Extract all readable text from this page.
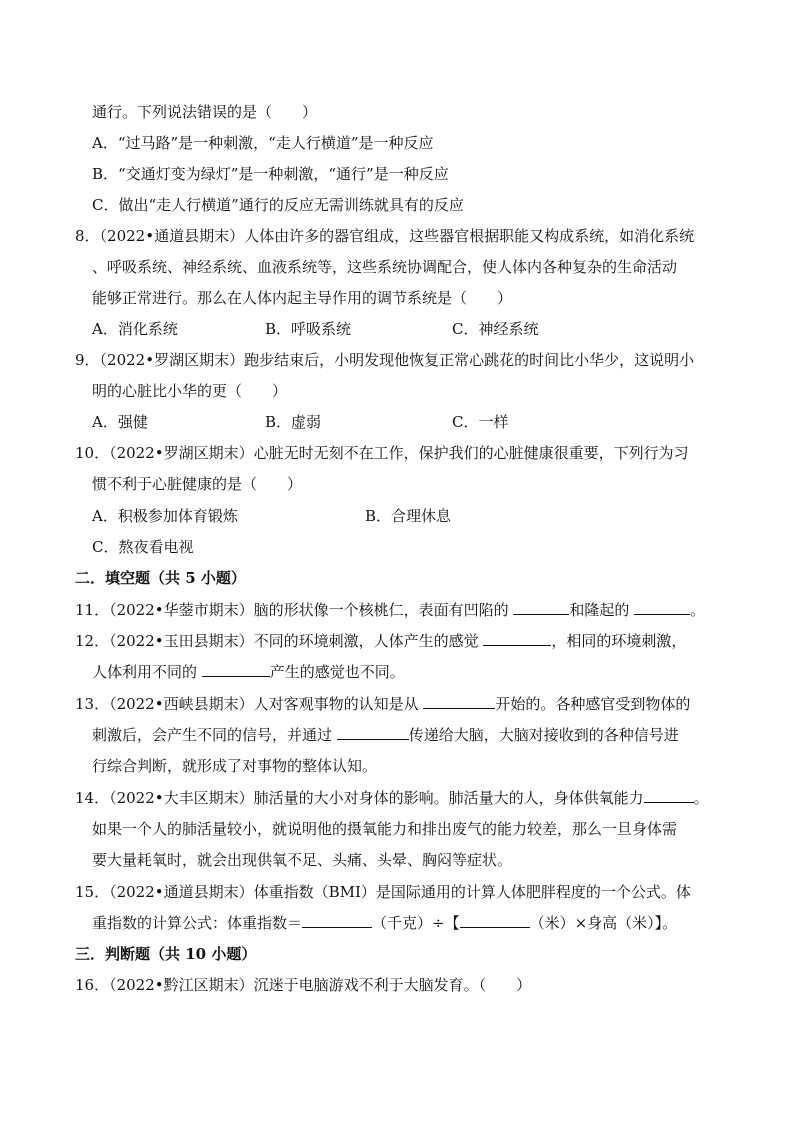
通行。下列说法错误的是（　　）
A．“过马路”是一种刺激，“走人行横道”是一种反应
B．“交通灯变为绿灯”是一种刺激，“通行”是一种反应
C．做出“走人行横道”通行的反应无需训练就具有的反应
8．（2022•通道县期末）人体由许多的器官组成，这些器官根据职能又构成系统，如消化系统
、呼吸系统、神经系统、血液系统等，这些系统协调配合，使人体内各种复杂的生命活动
能够正常进行。那么在人体内起主导作用的调节系统是（　　）
A．消化系统	B．呼吸系统	C．神经系统
9．（2022•罗湖区期末）跑步结束后，小明发现他恢复正常心跳花的时间比小华少，这说明小
明的心脏比小华的更（　　）
A．强健	B．虚弱	C．一样
10．（2022•罗湖区期末）心脏无时无刻不在工作，保护我们的心脏健康很重要，下列行为习
惯不利于心脏健康的是（　　）
A．积极参加体育锻炼	B．合理休息
C．熬夜看电视
二．填空题（共 5 小题）
11．（2022•华蓥市期末）脑的形状像一个核桃仁，表面有凹陷的	和隆起的	。
12．（2022•玉田县期末）不同的环境刺激，人体产生的感觉	，相同的环境刺激，
人体利用不同的	产生的感觉也不同。
13．（2022•西峡县期末）人对客观事物的认知是从	开始的。各种感官受到物体的
刺激后，会产生不同的信号，并通过	传递给大脑，大脑对接收到的各种信号进
行综合判断，就形成了对事物的整体认知。
14．（2022•大丰区期末）肺活量的大小对身体的影响。肺活量大的人，身体供氧能力	。
如果一个人的肺活量较小，就说明他的摄氧能力和排出废气的能力较差，那么一旦身体需
要大量耗氧时，就会出现供氧不足、头痛、头晕、胸闷等症状。
15．（2022•通道县期末）体重指数（BMI）是国际通用的计算人体肥胖程度的一个公式。体
重指数的计算公式：体重指数＝	（千克）÷【	（米）×身高（米）】。
三．判断题（共 10 小题）
16．（2022•黔江区期末）沉迷于电脑游戏不利于大脑发育。（　　）
